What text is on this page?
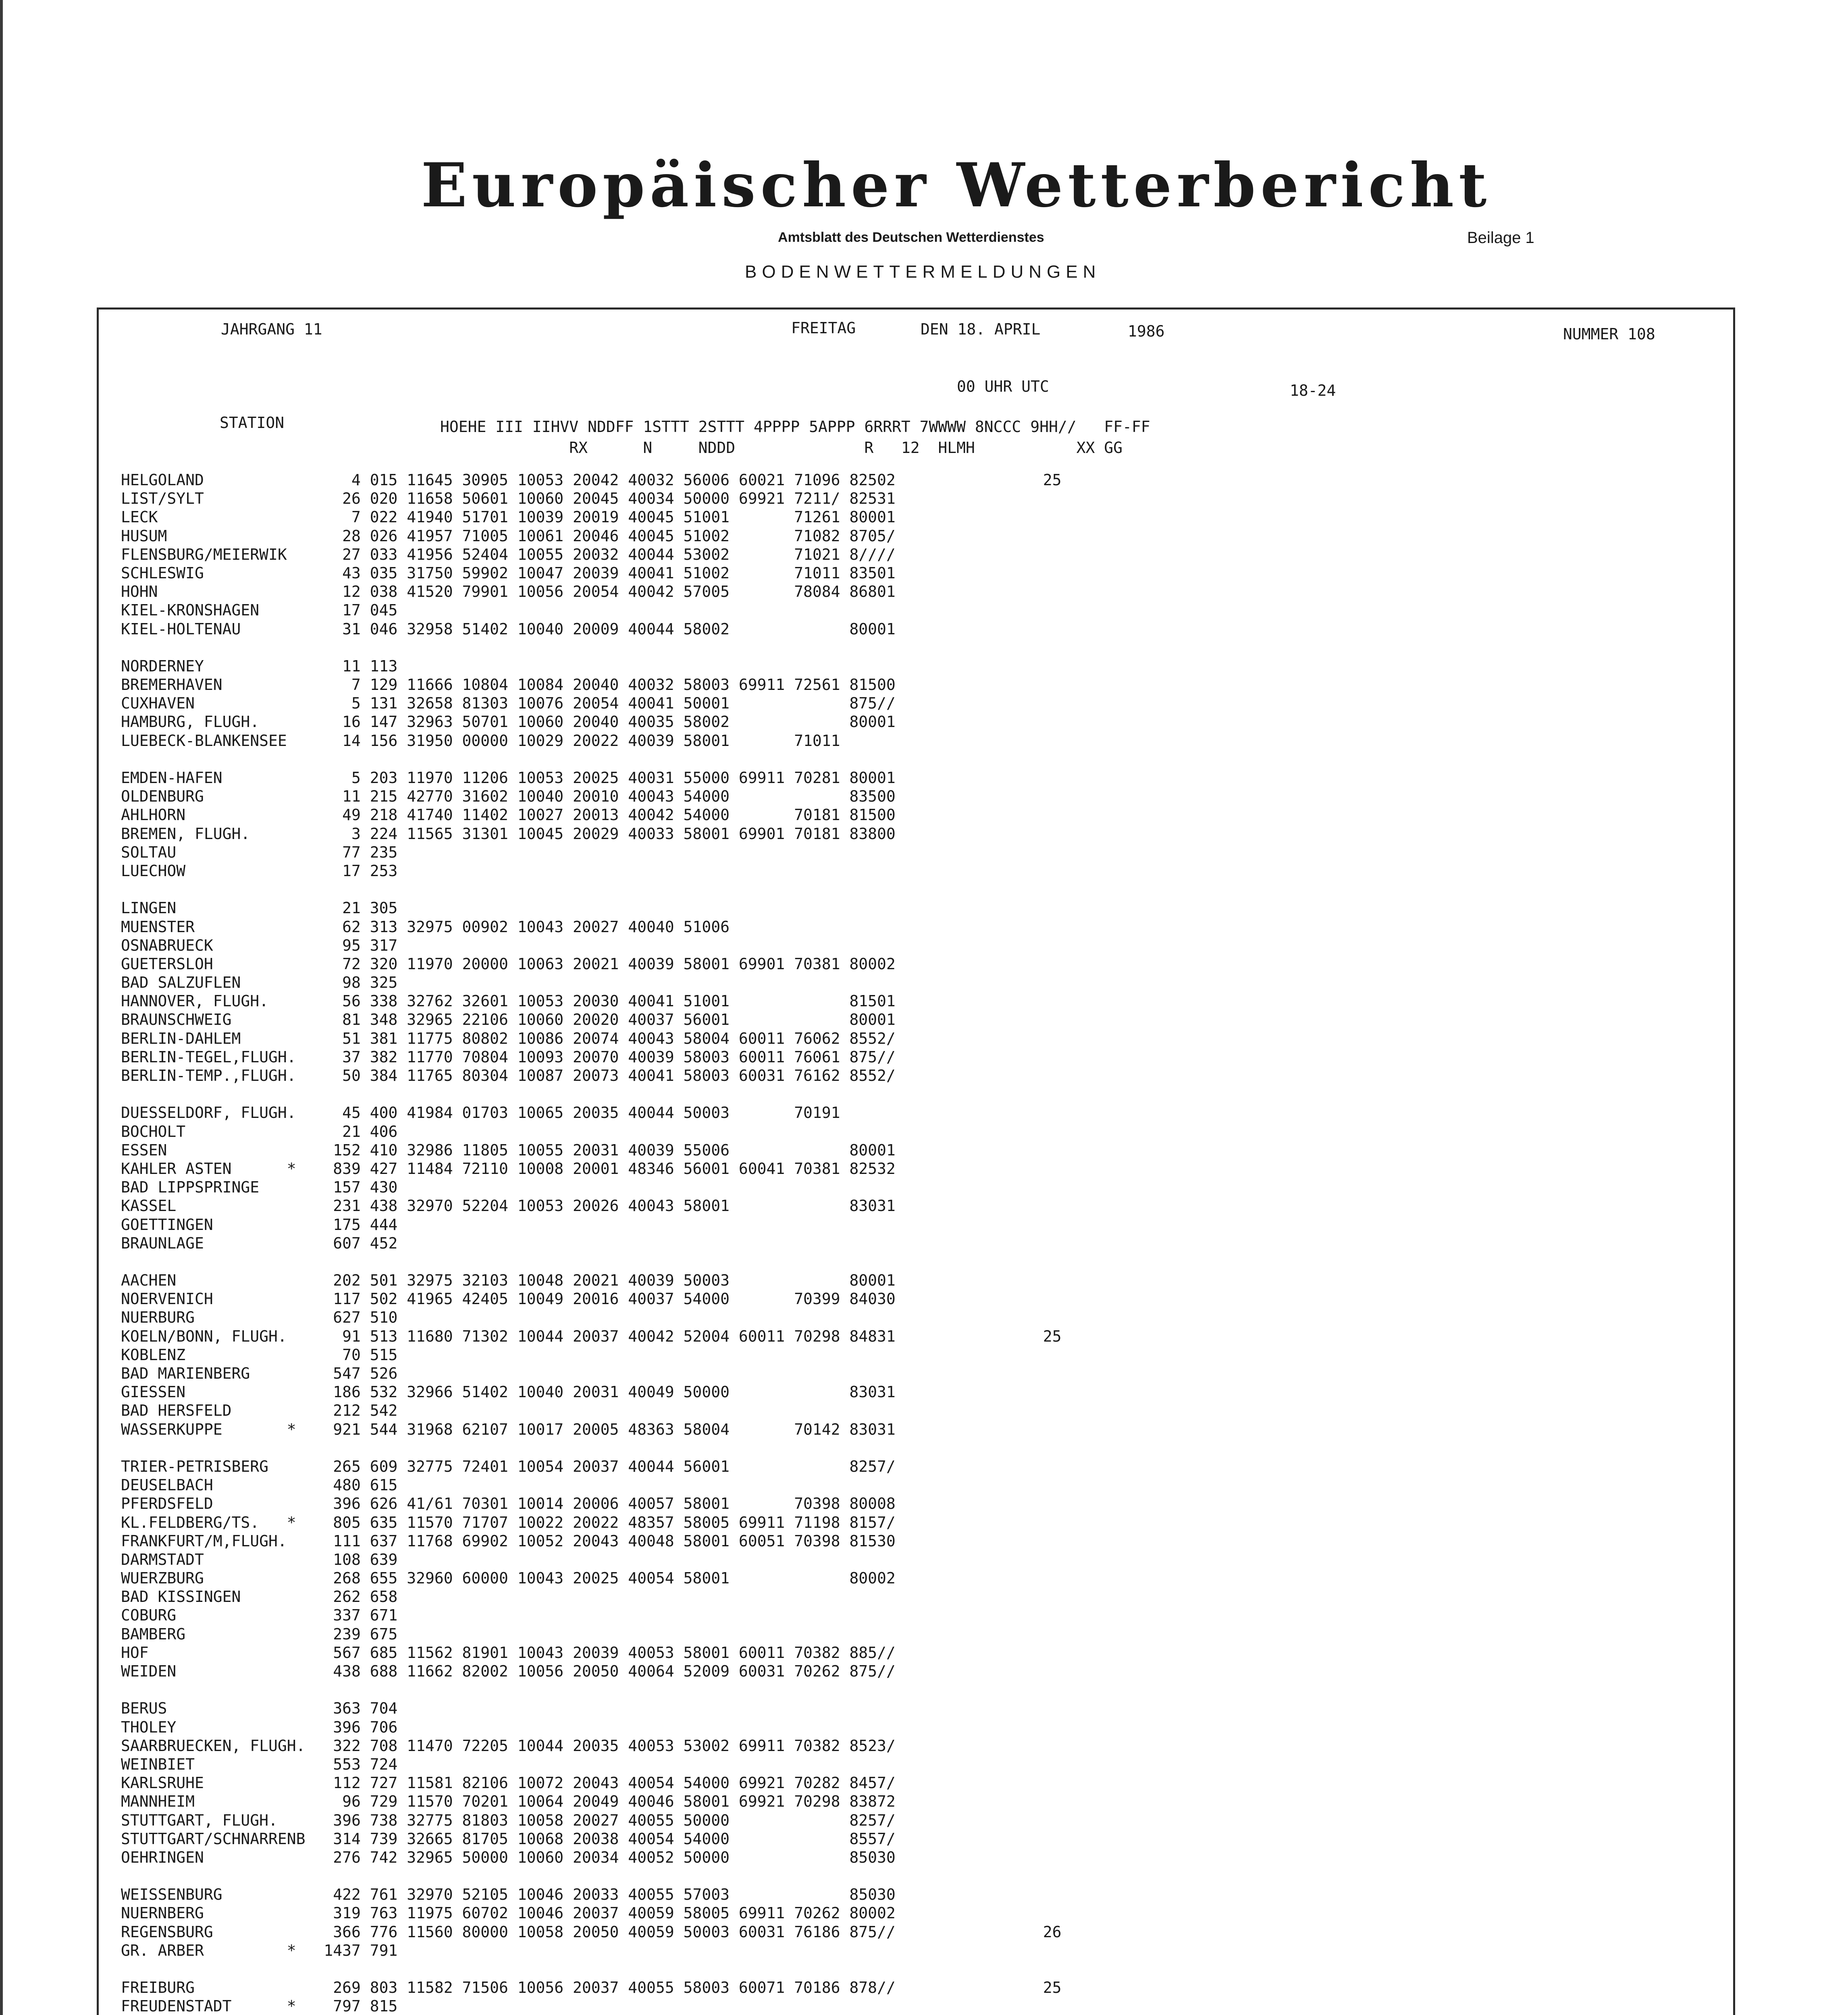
Europäischer Wetterbericht
Amtsblatt des Deutschen Wetterdienstes	Beilage 1
BODENWETTERMELDUNGEN
JAHRGANG 11	FREITAG	DEN 18. APRIL	1986	NUMMER 108
00 UHR UTC	18-24
STATION	HOEHE III IIHVV NDDFF 1STTT 2STTT 4PPPP 5APPP 6RRRT 7WWWW 8NCCC 9HH//   FF-FF
RX      N     NDDD              R   12  HLMH           XX GG
HELGOLAND                4 015 11645 30905 10053 20042 40032 56006 60021 71096 82502                25
LIST/SYLT               26 020 11658 50601 10060 20045 40034 50000 69921 7211/ 82531
LECK                     7 022 41940 51701 10039 20019 40045 51001       71261 80001
HUSUM                   28 026 41957 71005 10061 20046 40045 51002       71082 8705/
FLENSBURG/MEIERWIK      27 033 41956 52404 10055 20032 40044 53002       71021 8////
SCHLESWIG               43 035 31750 59902 10047 20039 40041 51002       71011 83501
HOHN                    12 038 41520 79901 10056 20054 40042 57005       78084 86801
KIEL-KRONSHAGEN         17 045
KIEL-HOLTENAU           31 046 32958 51402 10040 20009 40044 58002             80001

NORDERNEY               11 113
BREMERHAVEN              7 129 11666 10804 10084 20040 40032 58003 69911 72561 81500
CUXHAVEN                 5 131 32658 81303 10076 20054 40041 50001             875//
HAMBURG, FLUGH.         16 147 32963 50701 10060 20040 40035 58002             80001
LUEBECK-BLANKENSEE      14 156 31950 00000 10029 20022 40039 58001       71011

EMDEN-HAFEN              5 203 11970 11206 10053 20025 40031 55000 69911 70281 80001
OLDENBURG               11 215 42770 31602 10040 20010 40043 54000             83500
AHLHORN                 49 218 41740 11402 10027 20013 40042 54000       70181 81500
BREMEN, FLUGH.           3 224 11565 31301 10045 20029 40033 58001 69901 70181 83800
SOLTAU                  77 235
LUECHOW                 17 253

LINGEN                  21 305
MUENSTER                62 313 32975 00902 10043 20027 40040 51006
OSNABRUECK              95 317
GUETERSLOH              72 320 11970 20000 10063 20021 40039 58001 69901 70381 80002
BAD SALZUFLEN           98 325
HANNOVER, FLUGH.        56 338 32762 32601 10053 20030 40041 51001             81501
BRAUNSCHWEIG            81 348 32965 22106 10060 20020 40037 56001             80001
BERLIN-DAHLEM           51 381 11775 80802 10086 20074 40043 58004 60011 76062 8552/
BERLIN-TEGEL,FLUGH.     37 382 11770 70804 10093 20070 40039 58003 60011 76061 875//
BERLIN-TEMP.,FLUGH.     50 384 11765 80304 10087 20073 40041 58003 60031 76162 8552/

DUESSELDORF, FLUGH.     45 400 41984 01703 10065 20035 40044 50003       70191
BOCHOLT                 21 406
ESSEN                  152 410 32986 11805 10055 20031 40039 55006             80001
KAHLER ASTEN      *    839 427 11484 72110 10008 20001 48346 56001 60041 70381 82532
BAD LIPPSPRINGE        157 430
KASSEL                 231 438 32970 52204 10053 20026 40043 58001             83031
GOETTINGEN             175 444
BRAUNLAGE              607 452

AACHEN                 202 501 32975 32103 10048 20021 40039 50003             80001
NOERVENICH             117 502 41965 42405 10049 20016 40037 54000       70399 84030
NUERBURG               627 510
KOELN/BONN, FLUGH.      91 513 11680 71302 10044 20037 40042 52004 60011 70298 84831                25
KOBLENZ                 70 515
BAD MARIENBERG         547 526
GIESSEN                186 532 32966 51402 10040 20031 40049 50000             83031
BAD HERSFELD           212 542
WASSERKUPPE       *    921 544 31968 62107 10017 20005 48363 58004       70142 83031

TRIER-PETRISBERG       265 609 32775 72401 10054 20037 40044 56001             8257/
DEUSELBACH             480 615
PFERDSFELD             396 626 41/61 70301 10014 20006 40057 58001       70398 80008
KL.FELDBERG/TS.   *    805 635 11570 71707 10022 20022 48357 58005 69911 71198 8157/
FRANKFURT/M,FLUGH.     111 637 11768 69902 10052 20043 40048 58001 60051 70398 81530
DARMSTADT              108 639
WUERZBURG              268 655 32960 60000 10043 20025 40054 58001             80002
BAD KISSINGEN          262 658
COBURG                 337 671
BAMBERG                239 675
HOF                    567 685 11562 81901 10043 20039 40053 58001 60011 70382 885//
WEIDEN                 438 688 11662 82002 10056 20050 40064 52009 60031 70262 875//

BERUS                  363 704
THOLEY                 396 706
SAARBRUECKEN, FLUGH.   322 708 11470 72205 10044 20035 40053 53002 69911 70382 8523/
WEINBIET               553 724
KARLSRUHE              112 727 11581 82106 10072 20043 40054 54000 69921 70282 8457/
MANNHEIM                96 729 11570 70201 10064 20049 40046 58001 69921 70298 83872
STUTTGART, FLUGH.      396 738 32775 81803 10058 20027 40055 50000             8257/
STUTTGART/SCHNARRENB   314 739 32665 81705 10068 20038 40054 54000             8557/
OEHRINGEN              276 742 32965 50000 10060 20034 40052 50000             85030

WEISSENBURG            422 761 32970 52105 10046 20033 40055 57003             85030
NUERNBERG              319 763 11975 60702 10046 20037 40059 58005 69911 70262 80002
REGENSBURG             366 776 11560 80000 10058 20050 40059 50003 60031 76186 875//                26
GR. ARBER         *   1437 791

FREIBURG               269 803 11582 71506 10056 20037 40055 58003 60071 70186 878//                25
FREUDENSTADT      *    797 815
